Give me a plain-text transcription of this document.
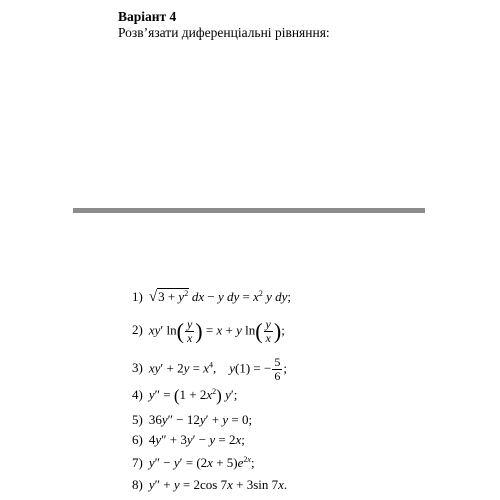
Варіант 4
Розв’язати диференціальні рівняння:
1) $√3 + y^2$  dx − y dy = $x^2$ y dy;
2) xy′ $\ln( \frac{y}{x}$ ) = x + y $\ln( \frac{y}{x}$ );
3) $xy' + 2y = x^4$,    y(1) = − $\frac{5}{6}$ ;
4) $y'' = (1 + 2x^2)$ y′;
5) 36y″ − 12y′ + y = 0;
6) 4y″ + 3y′ − y = 2x;
7) $y'' - y' = (2x + 5)e^{2x}$;
8) y″ + y = 2cos 7x + 3sin 7x.
